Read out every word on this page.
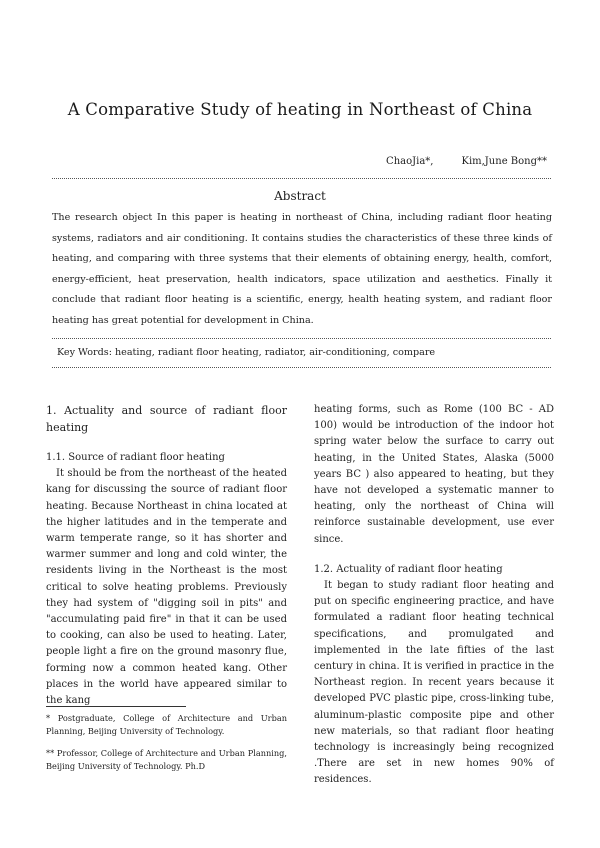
A Comparative Study of heating in Northeast of China
ChaoJia*,	Kim,June Bong**
Abstract
The research object In this paper is heating in northeast of China, including radiant floor heating systems, radiators and air conditioning. It contains studies the characteristics of these three kinds of heating, and comparing with three systems that their elements of obtaining energy, health, comfort, energy-efficient, heat preservation, health indicators, space utilization and aesthetics. Finally it conclude that radiant floor heating is a scientific, energy, health heating system, and radiant floor heating has great potential for development in China.
Key Words: heating, radiant floor heating, radiator, air-conditioning, compare
1. Actuality and source of radiant floor heating
1.1. Source of radiant floor heating

It should be from the northeast of the heated kang for discussing the source of radiant floor heating. Because Northeast in china located at the higher latitudes and in the temperate and warm temperate range, so it has shorter and warmer summer and long and cold winter, the residents living in the Northeast is the most critical to solve heating problems. Previously they had system of "digging soil in pits" and "accumulating paid fire" in that it can be used to cooking, can also be used to heating. Later, people light a fire on the ground masonry flue, forming now a common heated kang. Other places in the world have appeared similar to the kang

heating forms, such as Rome (100 BC - AD 100) would be introduction of the indoor hot spring water below the surface to carry out heating, in the United States, Alaska (5000 years BC ) also appeared to heating, but they have not developed a systematic manner to heating, only the northeast of China will reinforce sustainable development, use ever since.

1.2. Actuality of radiant floor heating

It began to study radiant floor heating and put on specific engineering practice, and have formulated a radiant floor heating technical specifications, and promulgated and implemented in the late fifties of the last century in china. It is verified in practice in the Northeast region. In recent years because it developed PVC plastic pipe, cross-linking tube, aluminum-plastic composite pipe and other new materials, so that radiant floor heating technology is increasingly being recognized .There are set in new homes 90% of residences.

* Postgraduate, College of Architecture and Urban Planning, Beijing University of Technology.
** Professor, College of Architecture and Urban Planning, Beijing University of Technology. Ph.D
